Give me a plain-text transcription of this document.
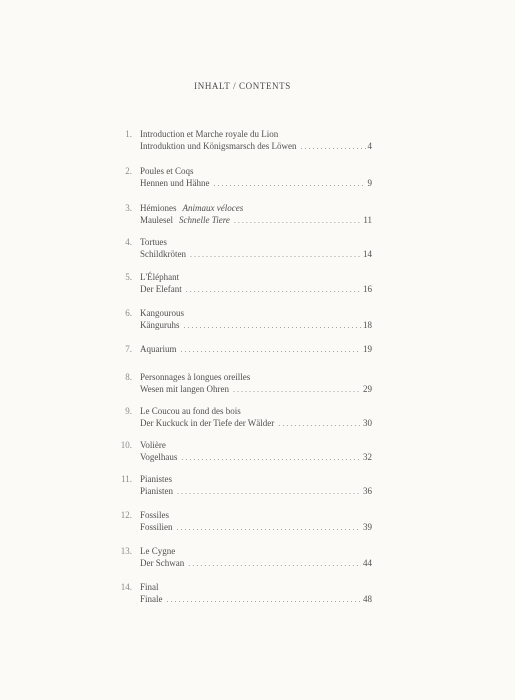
INHALT / CONTENTS
1. Introduction et Marche royale du Lion
Introduktion und Königsmarsch des Löwen . . .	4
2. Poules et Coqs
Hennen und Hähne . . .	9
3. Hémiones Animaux véloces
Maulesel Schnelle Tiere . . .	11
4. Tortues
Schildkröten . . .	14
5. L'Éléphant
Der Elefant . . .	16
6. Kangourous
Känguruhs . . .	18
7. Aquarium . . .	19
8. Personnages à longues oreilles
Wesen mit langen Ohren . . .	29
9. Le Coucou au fond des bois
Der Kuckuck in der Tiefe der Wälder . . .	30
10. Volière
Vogelhaus . . .	32
11. Pianistes
Pianisten . . .	36
12. Fossiles
Fossilien . . .	39
13. Le Cygne
Der Schwan . . .	44
14. Final
Finale . . .	48
